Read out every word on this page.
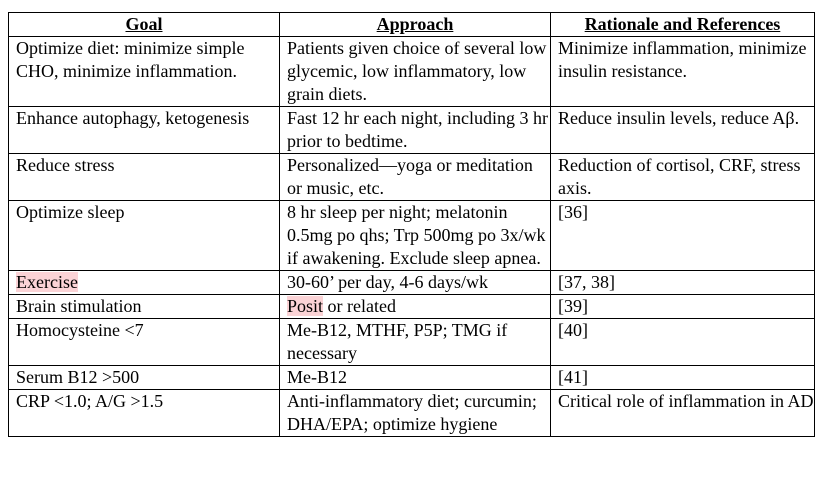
Goal	Approach	Rationale and References
Optimize diet: minimize simple CHO, minimize inflammation.	Patients given choice of several low glycemic, low inflammatory, low grain diets.	Minimize inflammation, minimize insulin resistance.
Enhance autophagy, ketogenesis	Fast 12 hr each night, including 3 hr prior to bedtime.	Reduce insulin levels, reduce Aβ.
Reduce stress	Personalized—yoga or meditation or music, etc.	Reduction of cortisol, CRF, stress axis.
Optimize sleep	8 hr sleep per night; melatonin 0.5mg po qhs; Trp 500mg po 3x/wk if awakening. Exclude sleep apnea.	[36]
Exercise	30-60’ per day, 4-6 days/wk	[37, 38]
Brain stimulation	Posit or related	[39]
Homocysteine <7	Me-B12, MTHF, P5P; TMG if necessary	[40]
Serum B12 >500	Me-B12	[41]
CRP <1.0; A/G >1.5	Anti-inflammatory diet; curcumin; DHA/EPA; optimize hygiene	Critical role of inflammation in AD
